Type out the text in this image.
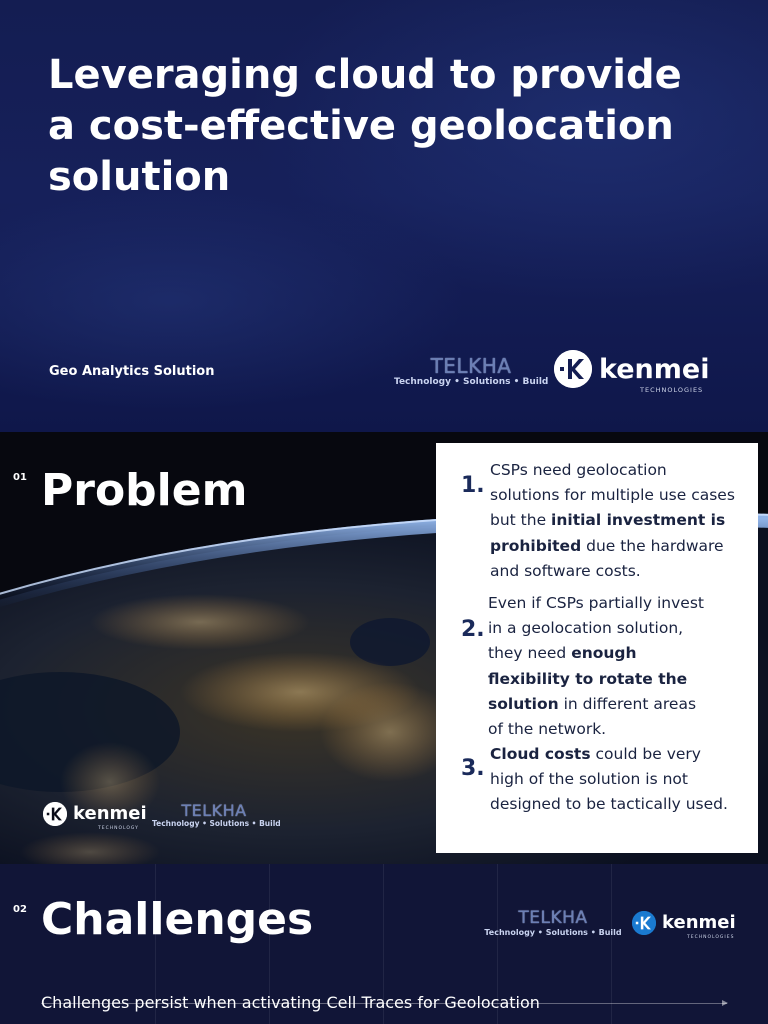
Leveraging cloud to provide a cost-effective geolocation solution
Geo Analytics Solution	TELKHA
Technology • Solutions • Build kenmei
TECHNOLOGIES
01 Problem	1.
CSPs need geolocation solutions for multiple use cases but the initial investment is prohibited due the hardware and software costs.
2.
Even if CSPs partially invest in a geolocation solution, they need enough flexibility to rotate the solution in different areas of the network.
3.
Cloud costs could be very high of the solution is not designed to be tactically used.
kenmei
TECHNOLOGY
TELKHA
Technology • Solutions • Build
02 Challenges	TELKHA
Technology • Solutions • Build kenmei
TECHNOLOGIES
Challenges persist when activating Cell Traces for Geolocation
